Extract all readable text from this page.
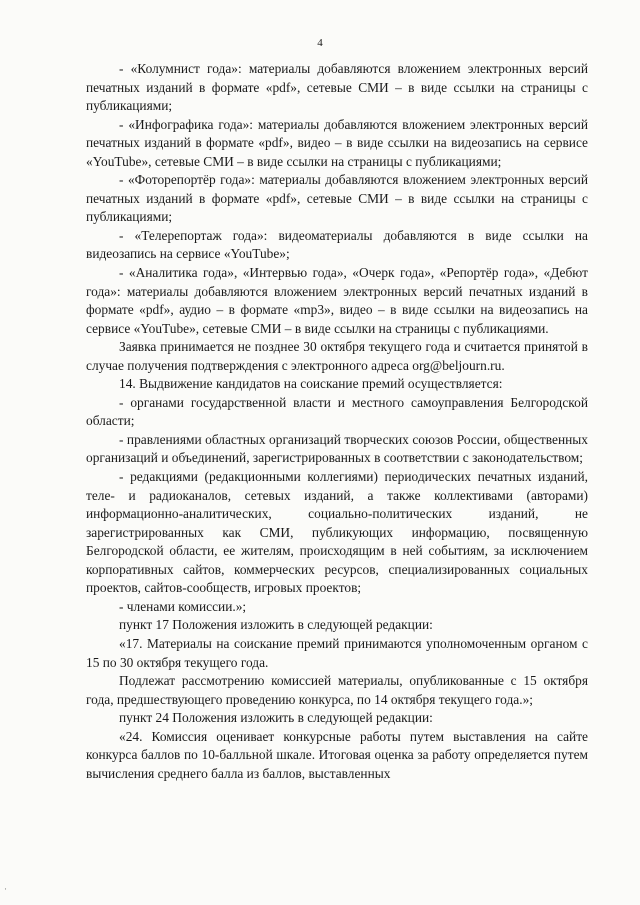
4
- «Колумнист года»: материалы добавляются вложением электронных версий печатных изданий в формате «pdf», сетевые СМИ – в виде ссылки на страницы с публикациями;
- «Инфографика года»: материалы добавляются вложением электронных версий печатных изданий в формате «pdf», видео – в виде ссылки на видеозапись на сервисе «YouTube», сетевые СМИ – в виде ссылки на страницы с публикациями;
- «Фоторепортёр года»: материалы добавляются вложением электронных версий печатных изданий в формате «pdf», сетевые СМИ – в виде ссылки на страницы с публикациями;
- «Телерепортаж года»: видеоматериалы добавляются в виде ссылки на видеозапись на сервисе «YouTube»;
- «Аналитика года», «Интервью года», «Очерк года», «Репортёр года», «Дебют года»: материалы добавляются вложением электронных версий печатных изданий в формате «pdf», аудио – в формате «mp3», видео – в виде ссылки на видеозапись на сервисе «YouTube», сетевые СМИ – в виде ссылки на страницы с публикациями.
Заявка принимается не позднее 30 октября текущего года и считается принятой в случае получения подтверждения с электронного адреса org@beljourn.ru.
14. Выдвижение кандидатов на соискание премий осуществляется:
- органами государственной власти и местного самоуправления Белгородской области;
- правлениями областных организаций творческих союзов России, общественных организаций и объединений, зарегистрированных в соответствии с законодательством;
- редакциями (редакционными коллегиями) периодических печатных изданий, теле- и радиоканалов, сетевых изданий, а также коллективами (авторами) информационно-аналитических, социально-политических изданий, не зарегистрированных как СМИ, публикующих информацию, посвященную Белгородской области, ее жителям, происходящим в ней событиям, за исключением корпоративных сайтов, коммерческих ресурсов, специализированных социальных проектов, сайтов-сообществ, игровых проектов;
- членами комиссии.»;
пункт 17 Положения изложить в следующей редакции:
«17. Материалы на соискание премий принимаются уполномоченным органом с 15 по 30 октября текущего года.
Подлежат рассмотрению комиссией материалы, опубликованные с 15 октября года, предшествующего проведению конкурса, по 14 октября текущего года.»;
пункт 24 Положения изложить в следующей редакции:
«24. Комиссия оценивает конкурсные работы путем выставления на сайте конкурса баллов по 10-балльной шкале. Итоговая оценка за работу определяется путем вычисления среднего балла из баллов, выставленных
·
